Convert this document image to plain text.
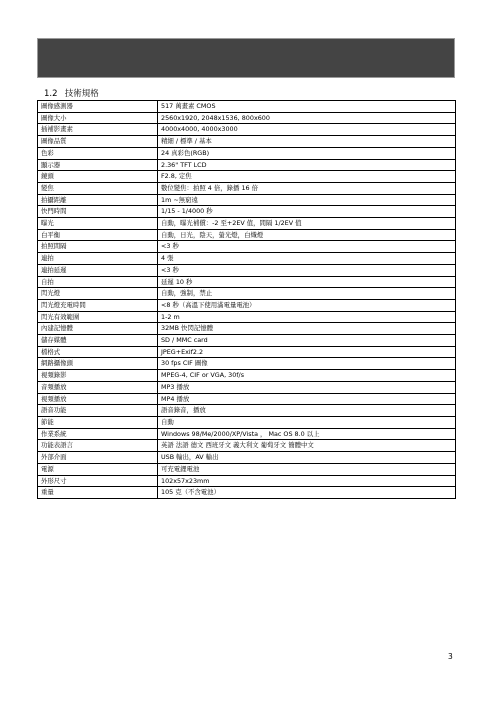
1.2 技術規格
圖像感測器	517 萬畫素 CMOS
圖像大小	2560x1920, 2048x1536, 800x600
插補影畫素	4000x4000, 4000x3000
圖像品質	精細 / 標準 / 基本
色彩	24 真彩色(RGB)
顯示器	2.36" TFT LCD
鏡頭	F2.8, 定焦
變焦	數位變焦：拍照 4 倍，錄播 16 倍
拍攝距離	1m ~無窮遠
快門時間	1/15 - 1/4000 秒
曝光	自動，曝光補償：-2 至+2EV 值，間隔 1/2EV 值
白平衡	自動，日光，陰天，螢光燈，白熾燈
拍照間隔	<3 秒
連拍	4 張
連拍延遲	<3 秒
自拍	延遲 10 秒
閃光燈	自動，強制，禁止
閃光燈充電時間	<8 秒（高溫下使用滿電量電池）
閃光有效範圍	1-2 m
內建記憶體	32MB 快閃記憶體
儲存媒體	SD / MMC card
檔格式	JPEG+Exif2.2
網路攝像頭	30 fps CIF 圖像
視頻錄影	MPEG-4, CIF or VGA, 30f/s
音頻播放	MP3 播放
視頻播放	MP4 播放
語音功能	語音錄音，播放
節能	自動
作業系統	Windows 98/Me/2000/XP/Vista ， Mac OS 8.0 以上
功能表語言	英語 法語 德文 西班牙文 義大利文 葡萄牙文 簡體中文
外部介面	USB 輸出，AV 輸出
電源	可充電鋰電池
外形尺寸	102x57x23mm
重量	105 克（不含電池）
3
